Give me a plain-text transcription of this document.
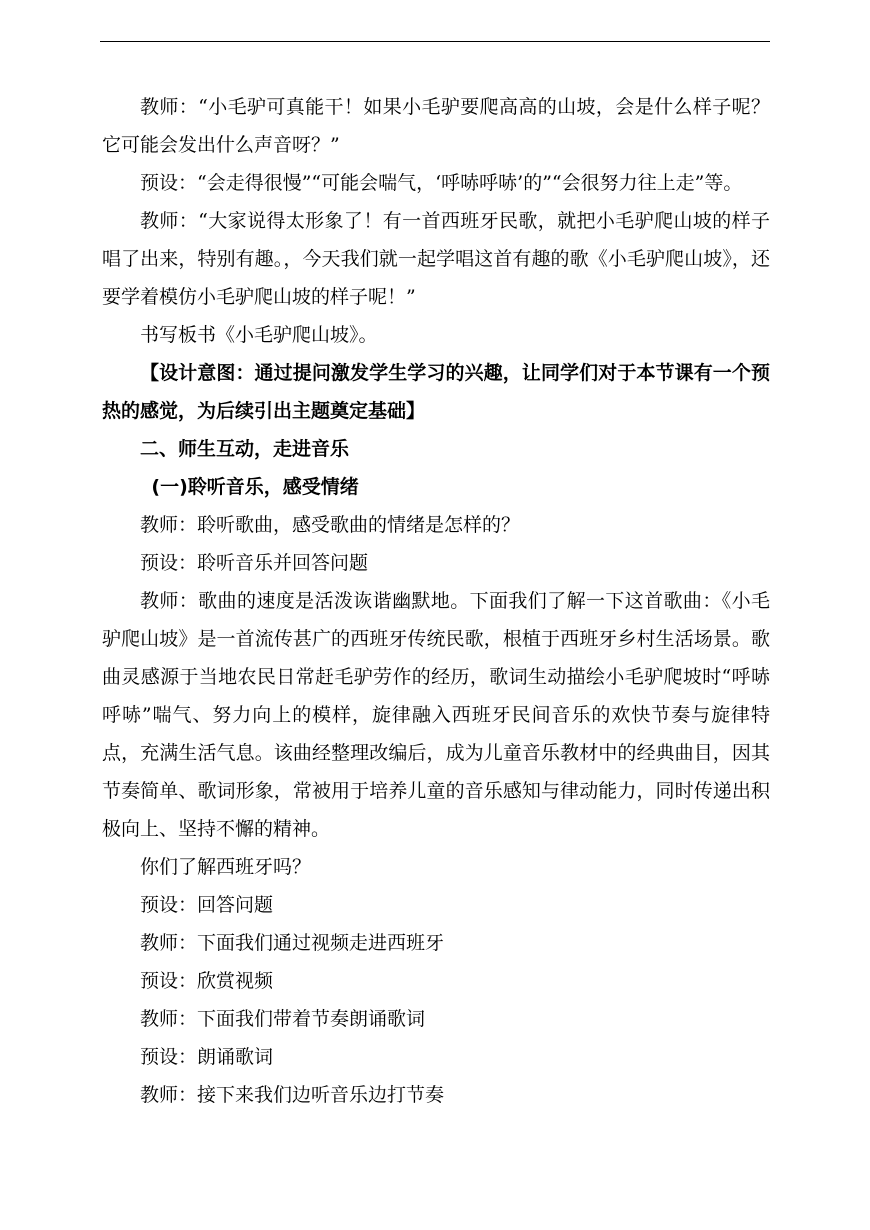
教师：“小毛驴可真能干！如果小毛驴要爬高高的山坡，会是什么样子呢？它可能会发出什么声音呀？”

预设：“会走得很慢”“可能会喘气，‘呼哧呼哧’的”“会很努力往上走”等。

教师：“大家说得太形象了！有一首西班牙民歌，就把小毛驴爬山坡的样子唱了出来，特别有趣。，今天我们就一起学唱这首有趣的歌《小毛驴爬山坡》，还要学着模仿小毛驴爬山坡的样子呢！”

书写板书《小毛驴爬山坡》。

【设计意图：通过提问激发学生学习的兴趣，让同学们对于本节课有一个预热的感觉，为后续引出主题奠定基础】

二、师生互动，走进音乐

(一)聆听音乐，感受情绪

教师：聆听歌曲，感受歌曲的情绪是怎样的？

预设：聆听音乐并回答问题

教师：歌曲的速度是活泼诙谐幽默地。下面我们了解一下这首歌曲：《小毛驴爬山坡》是一首流传甚广的西班牙传统民歌，根植于西班牙乡村生活场景。歌曲灵感源于当地农民日常赶毛驴劳作的经历，歌词生动描绘小毛驴爬坡时“呼哧呼哧”喘气、努力向上的模样，旋律融入西班牙民间音乐的欢快节奏与旋律特点，充满生活气息。该曲经整理改编后，成为儿童音乐教材中的经典曲目，因其节奏简单、歌词形象，常被用于培养儿童的音乐感知与律动能力，同时传递出积极向上、坚持不懈的精神。

你们了解西班牙吗？

预设：回答问题

教师：下面我们通过视频走进西班牙

预设：欣赏视频

教师：下面我们带着节奏朗诵歌词

预设：朗诵歌词

教师：接下来我们边听音乐边打节奏
